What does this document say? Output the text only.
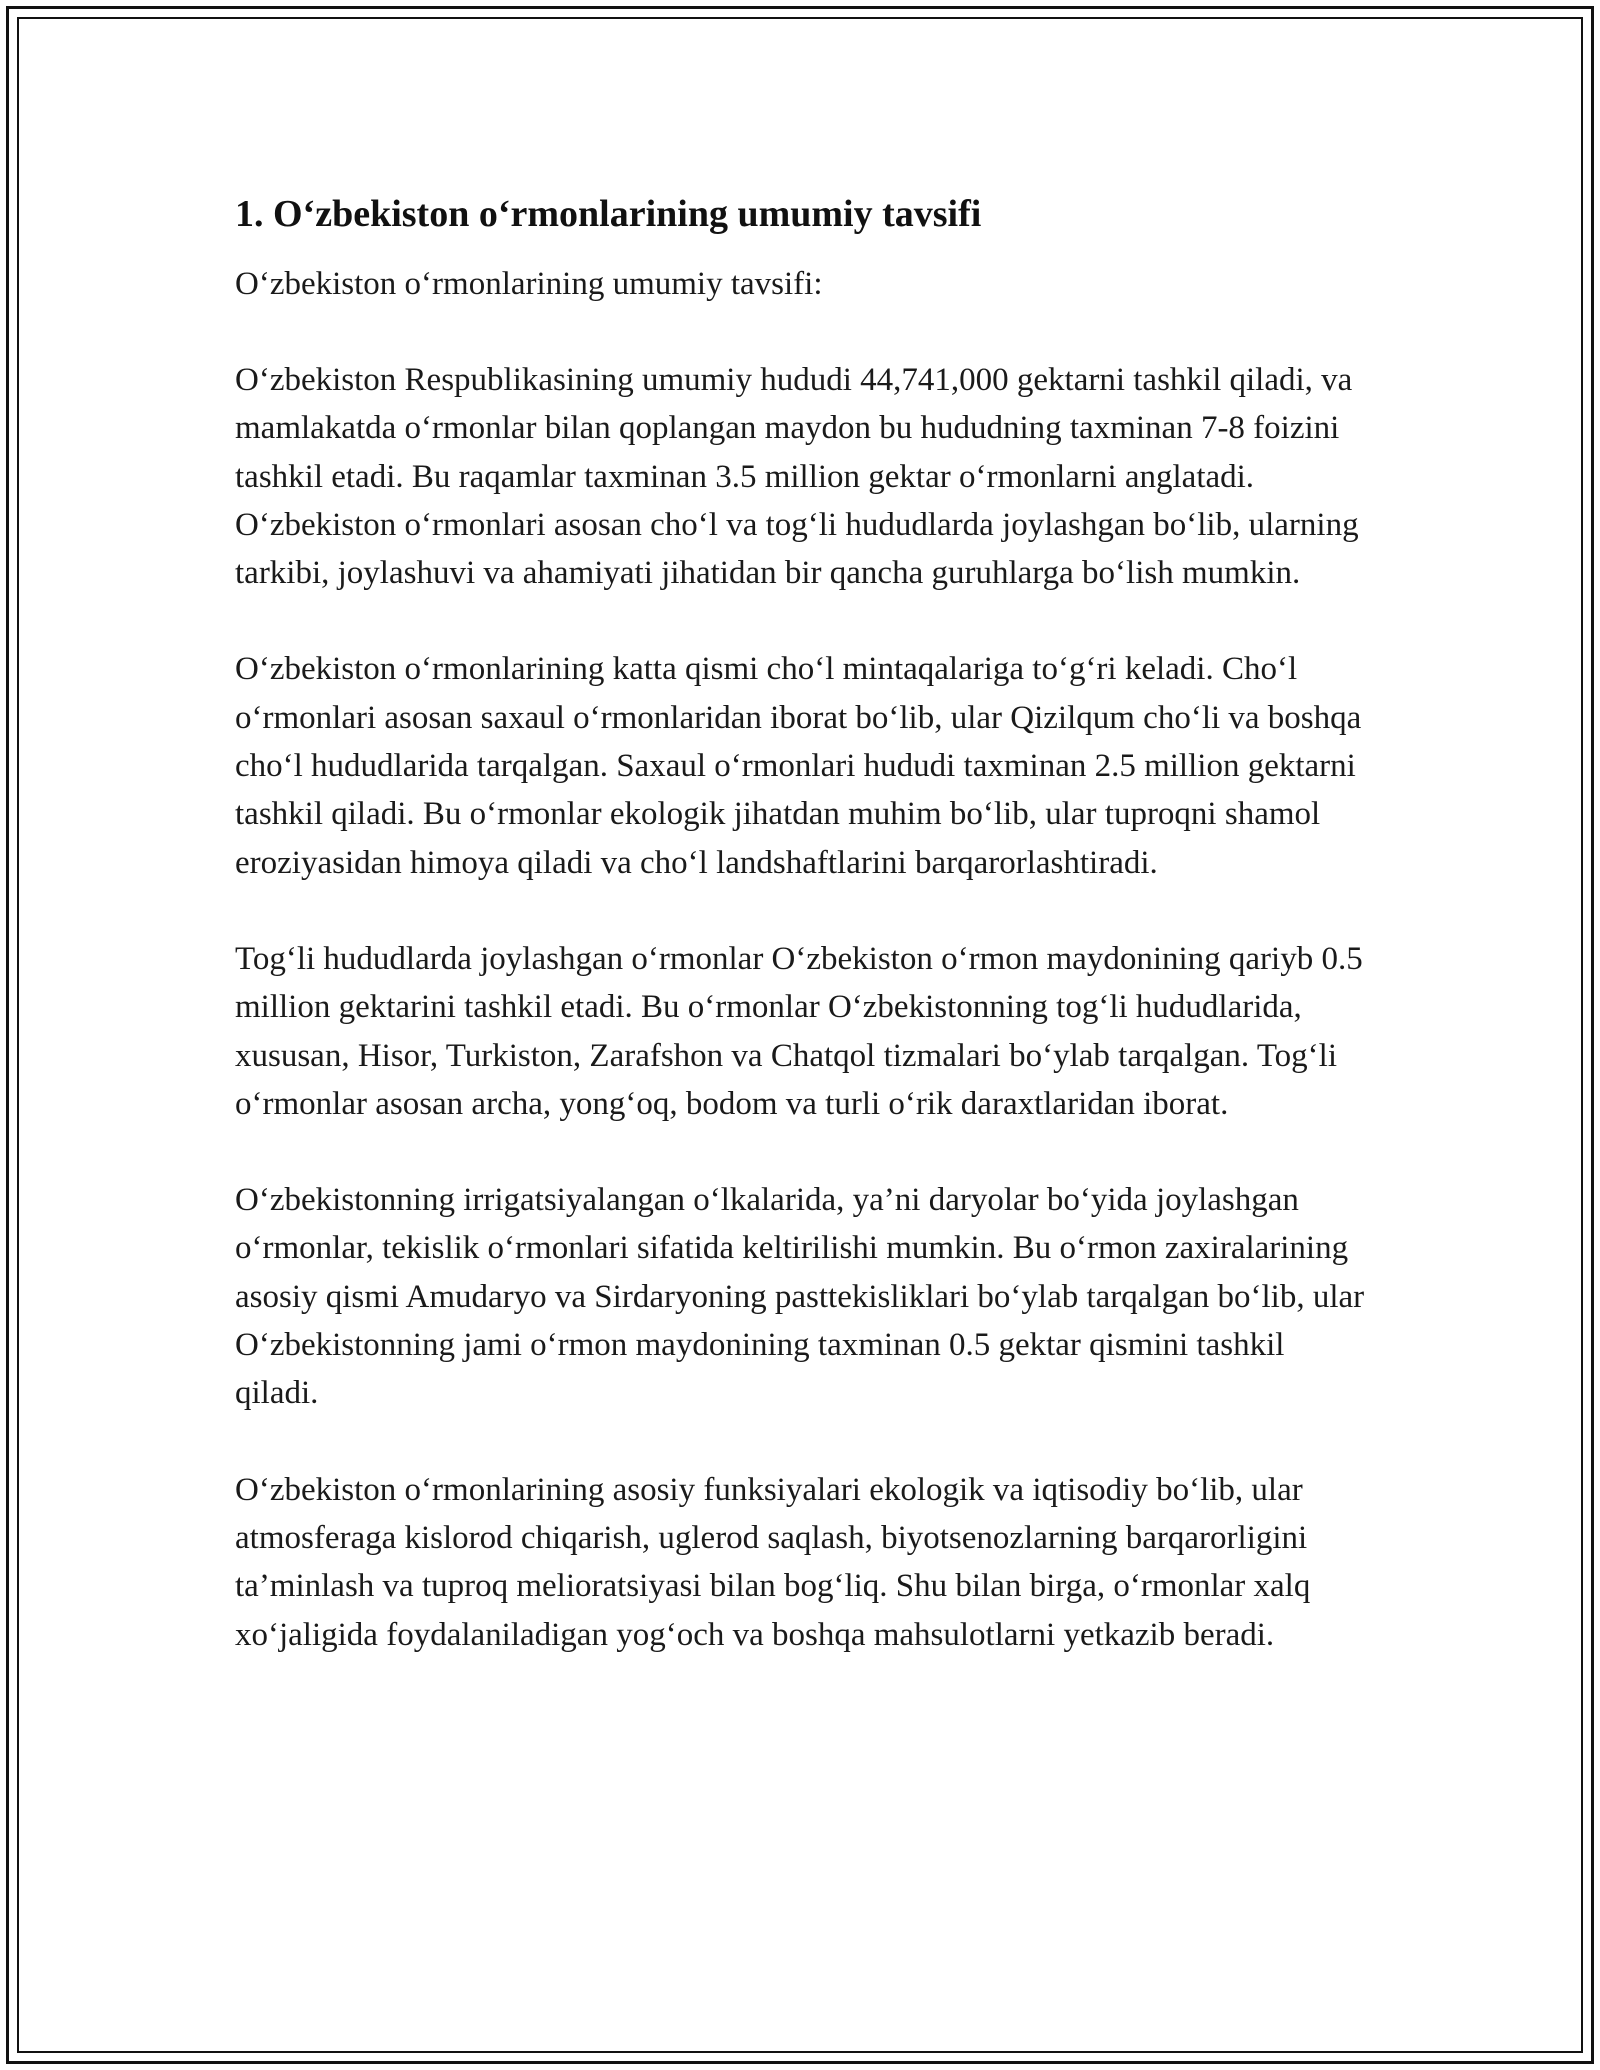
1. O‘zbekiston o‘rmonlarining umumiy tavsifi

O‘zbekiston o‘rmonlarining umumiy tavsifi:

O‘zbekiston Respublikasining umumiy hududi 44,741,000 gektarni tashkil qiladi, va mamlakatda o‘rmonlar bilan qoplangan maydon bu hududning taxminan 7-8 foizini tashkil etadi. Bu raqamlar taxminan 3.5 million gektar o‘rmonlarni anglatadi. O‘zbekiston o‘rmonlari asosan cho‘l va tog‘li hududlarda joylashgan bo‘lib, ularning tarkibi, joylashuvi va ahamiyati jihatidan bir qancha guruhlarga bo‘lish mumkin.

O‘zbekiston o‘rmonlarining katta qismi cho‘l mintaqalariga to‘g‘ri keladi. Cho‘l o‘rmonlari asosan saxaul o‘rmonlaridan iborat bo‘lib, ular Qizilqum cho‘li va boshqa cho‘l hududlarida tarqalgan. Saxaul o‘rmonlari hududi taxminan 2.5 million gektarni tashkil qiladi. Bu o‘rmonlar ekologik jihatdan muhim bo‘lib, ular tuproqni shamol eroziyasidan himoya qiladi va cho‘l landshaftlarini barqarorlashtiradi.

Tog‘li hududlarda joylashgan o‘rmonlar O‘zbekiston o‘rmon maydonining qariyb 0.5 million gektarini tashkil etadi. Bu o‘rmonlar O‘zbekistonning tog‘li hududlarida, xususan, Hisor, Turkiston, Zarafshon va Chatqol tizmalari bo‘ylab tarqalgan. Tog‘li o‘rmonlar asosan archa, yong‘oq, bodom va turli o‘rik daraxtlaridan iborat.

O‘zbekistonning irrigatsiyalangan o‘lkalarida, ya’ni daryolar bo‘yida joylashgan o‘rmonlar, tekislik o‘rmonlari sifatida keltirilishi mumkin. Bu o‘rmon zaxiralarining asosiy qismi Amudaryo va Sirdaryoning pasttekisliklari bo‘ylab tarqalgan bo‘lib, ular O‘zbekistonning jami o‘rmon maydonining taxminan 0.5 gektar qismini tashkil qiladi.

O‘zbekiston o‘rmonlarining asosiy funksiyalari ekologik va iqtisodiy bo‘lib, ular atmosferaga kislorod chiqarish, uglerod saqlash, biyotsenozlarning barqarorligini ta’minlash va tuproq melioratsiyasi bilan bog‘liq. Shu bilan birga, o‘rmonlar xalq xo‘jaligida foydalaniladigan yog‘och va boshqa mahsulotlarni yetkazib beradi.
